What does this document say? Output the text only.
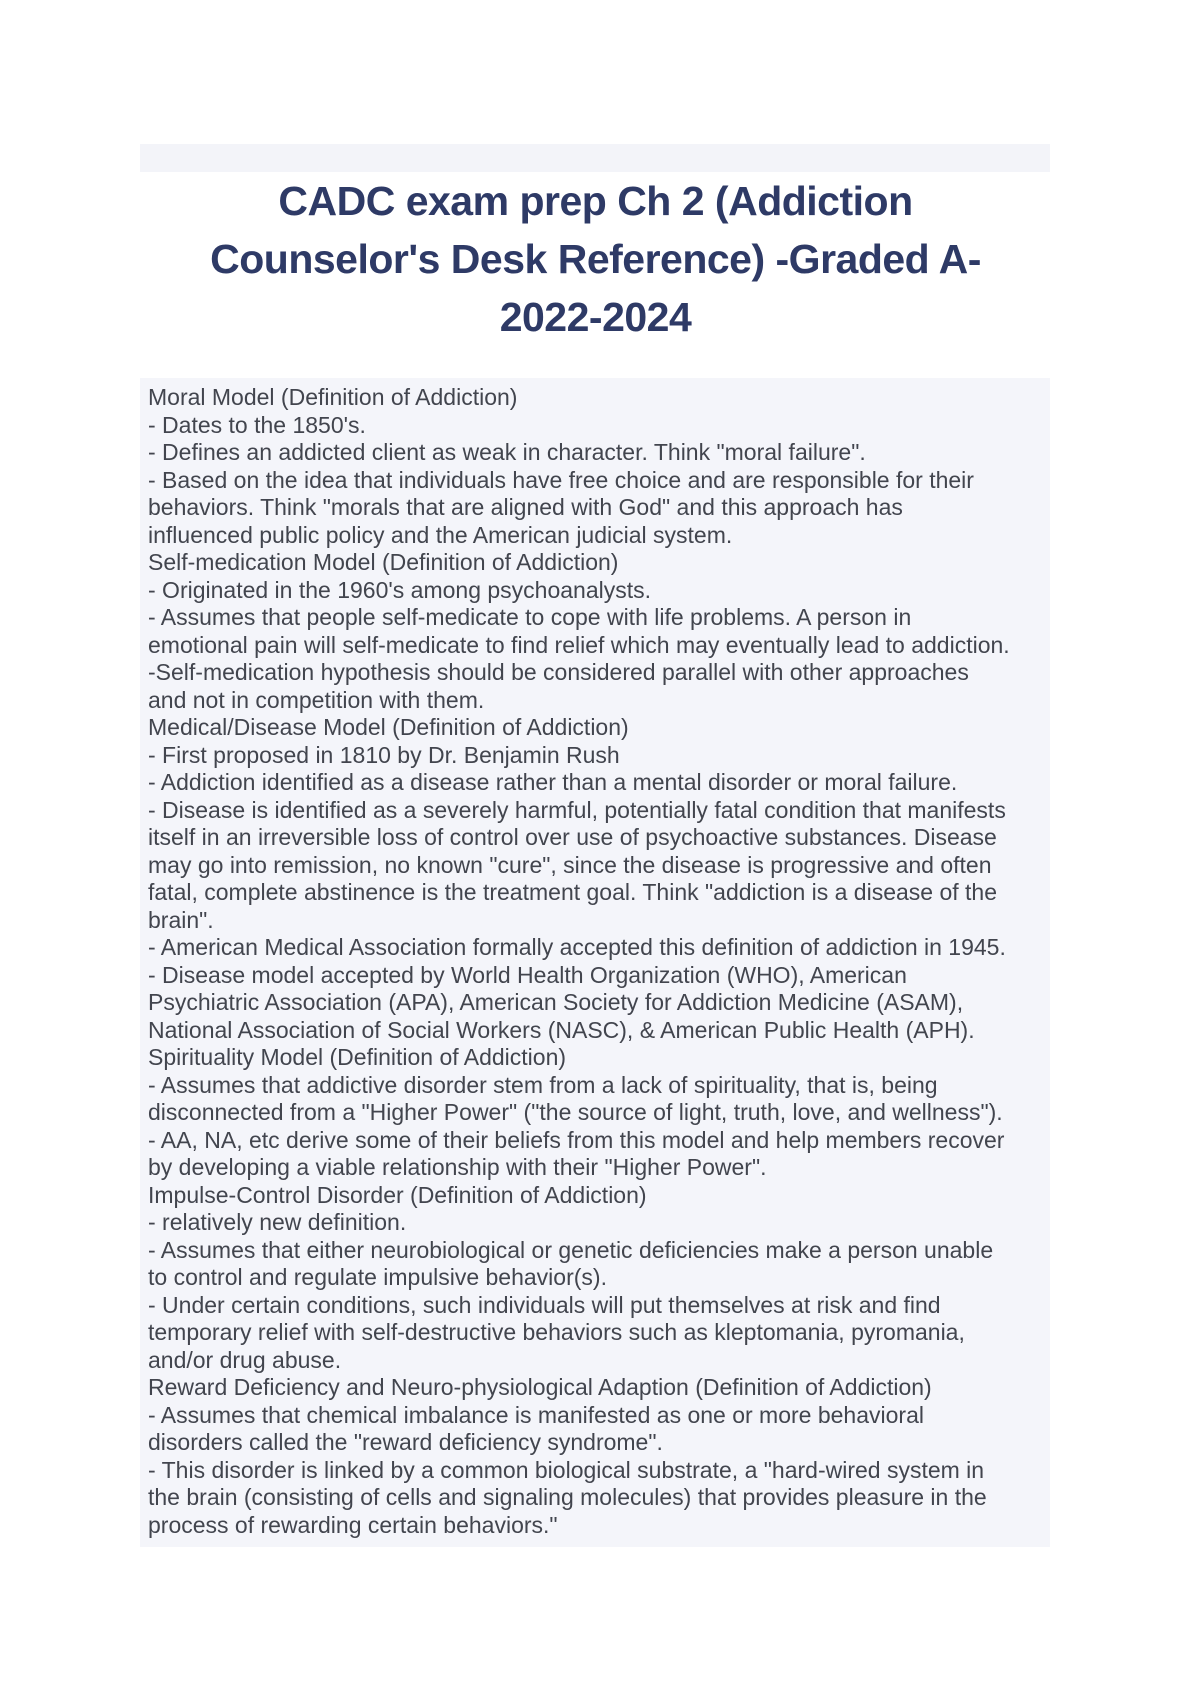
CADC exam prep Ch 2 (Addiction
Counselor's Desk Reference) -Graded A-
2022-2024
Moral Model (Definition of Addiction)
- Dates to the 1850's.
- Defines an addicted client as weak in character. Think "moral failure".
- Based on the idea that individuals have free choice and are responsible for their
behaviors. Think "morals that are aligned with God" and this approach has
influenced public policy and the American judicial system.
Self-medication Model (Definition of Addiction)
- Originated in the 1960's among psychoanalysts.
- Assumes that people self-medicate to cope with life problems. A person in
emotional pain will self-medicate to find relief which may eventually lead to addiction.
-Self-medication hypothesis should be considered parallel with other approaches
and not in competition with them.
Medical/Disease Model (Definition of Addiction)
- First proposed in 1810 by Dr. Benjamin Rush
- Addiction identified as a disease rather than a mental disorder or moral failure.
- Disease is identified as a severely harmful, potentially fatal condition that manifests
itself in an irreversible loss of control over use of psychoactive substances. Disease
may go into remission, no known "cure", since the disease is progressive and often
fatal, complete abstinence is the treatment goal. Think "addiction is a disease of the
brain".
- American Medical Association formally accepted this definition of addiction in 1945.
- Disease model accepted by World Health Organization (WHO), American
Psychiatric Association (APA), American Society for Addiction Medicine (ASAM),
National Association of Social Workers (NASC), & American Public Health (APH).
Spirituality Model (Definition of Addiction)
- Assumes that addictive disorder stem from a lack of spirituality, that is, being
disconnected from a "Higher Power" ("the source of light, truth, love, and wellness").
- AA, NA, etc derive some of their beliefs from this model and help members recover
by developing a viable relationship with their "Higher Power".
Impulse-Control Disorder (Definition of Addiction)
- relatively new definition.
- Assumes that either neurobiological or genetic deficiencies make a person unable
to control and regulate impulsive behavior(s).
- Under certain conditions, such individuals will put themselves at risk and find
temporary relief with self-destructive behaviors such as kleptomania, pyromania,
and/or drug abuse.
Reward Deficiency and Neuro-physiological Adaption (Definition of Addiction)
- Assumes that chemical imbalance is manifested as one or more behavioral
disorders called the "reward deficiency syndrome".
- This disorder is linked by a common biological substrate, a "hard-wired system in
the brain (consisting of cells and signaling molecules) that provides pleasure in the
process of rewarding certain behaviors."
